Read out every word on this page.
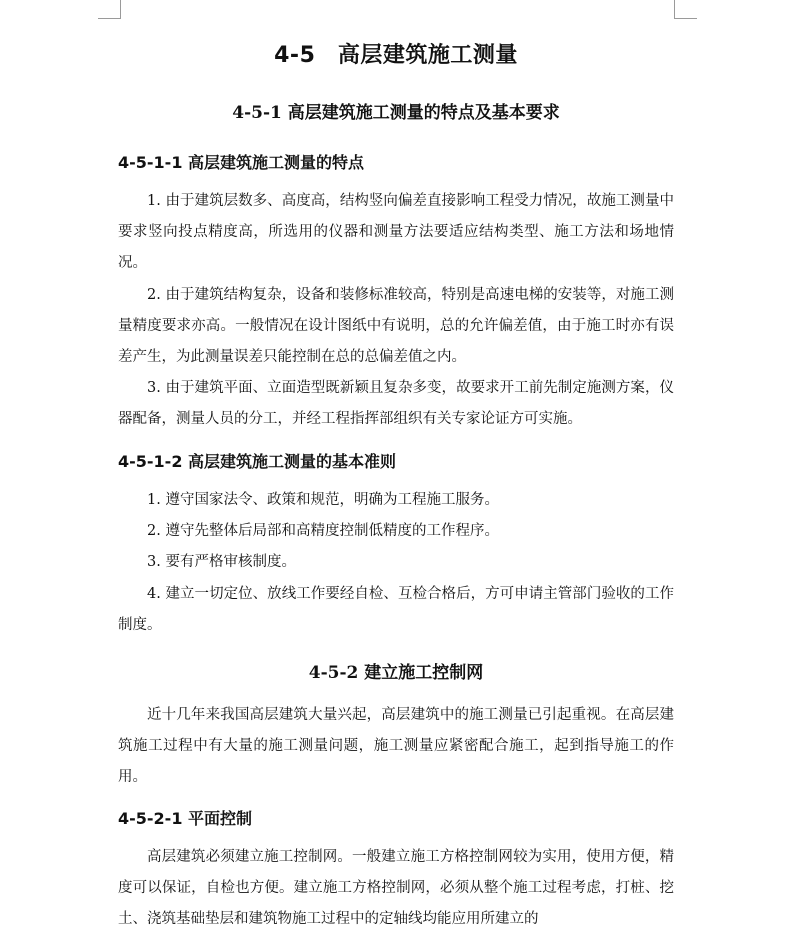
4-5　高层建筑施工测量
4-5-1 高层建筑施工测量的特点及基本要求
4-5-1-1 高层建筑施工测量的特点

1. 由于建筑层数多、高度高，结构竖向偏差直接影响工程受力情况，故施工测量中要求竖向投点精度高，所选用的仪器和测量方法要适应结构类型、施工方法和场地情况。

2. 由于建筑结构复杂，设备和装修标准较高，特别是高速电梯的安装等，对施工测量精度要求亦高。一般情况在设计图纸中有说明，总的允许偏差值，由于施工时亦有误差产生，为此测量误差只能控制在总的总偏差值之内。

3. 由于建筑平面、立面造型既新颖且复杂多变，故要求开工前先制定施测方案，仪器配备，测量人员的分工，并经工程指挥部组织有关专家论证方可实施。

4-5-1-2 高层建筑施工测量的基本准则

1. 遵守国家法令、政策和规范，明确为工程施工服务。

2. 遵守先整体后局部和高精度控制低精度的工作程序。

3. 要有严格审核制度。

4. 建立一切定位、放线工作要经自检、互检合格后，方可申请主管部门验收的工作制度。

4-5-2 建立施工控制网

近十几年来我国高层建筑大量兴起，高层建筑中的施工测量已引起重视。在高层建筑施工过程中有大量的施工测量问题，施工测量应紧密配合施工，起到指导施工的作用。

4-5-2-1 平面控制

高层建筑必须建立施工控制网。一般建立施工方格控制网较为实用，使用方便，精度可以保证，自检也方便。建立施工方格控制网，必须从整个施工过程考虑，打桩、挖土、浇筑基础垫层和建筑物施工过程中的定轴线均能应用所建立的
